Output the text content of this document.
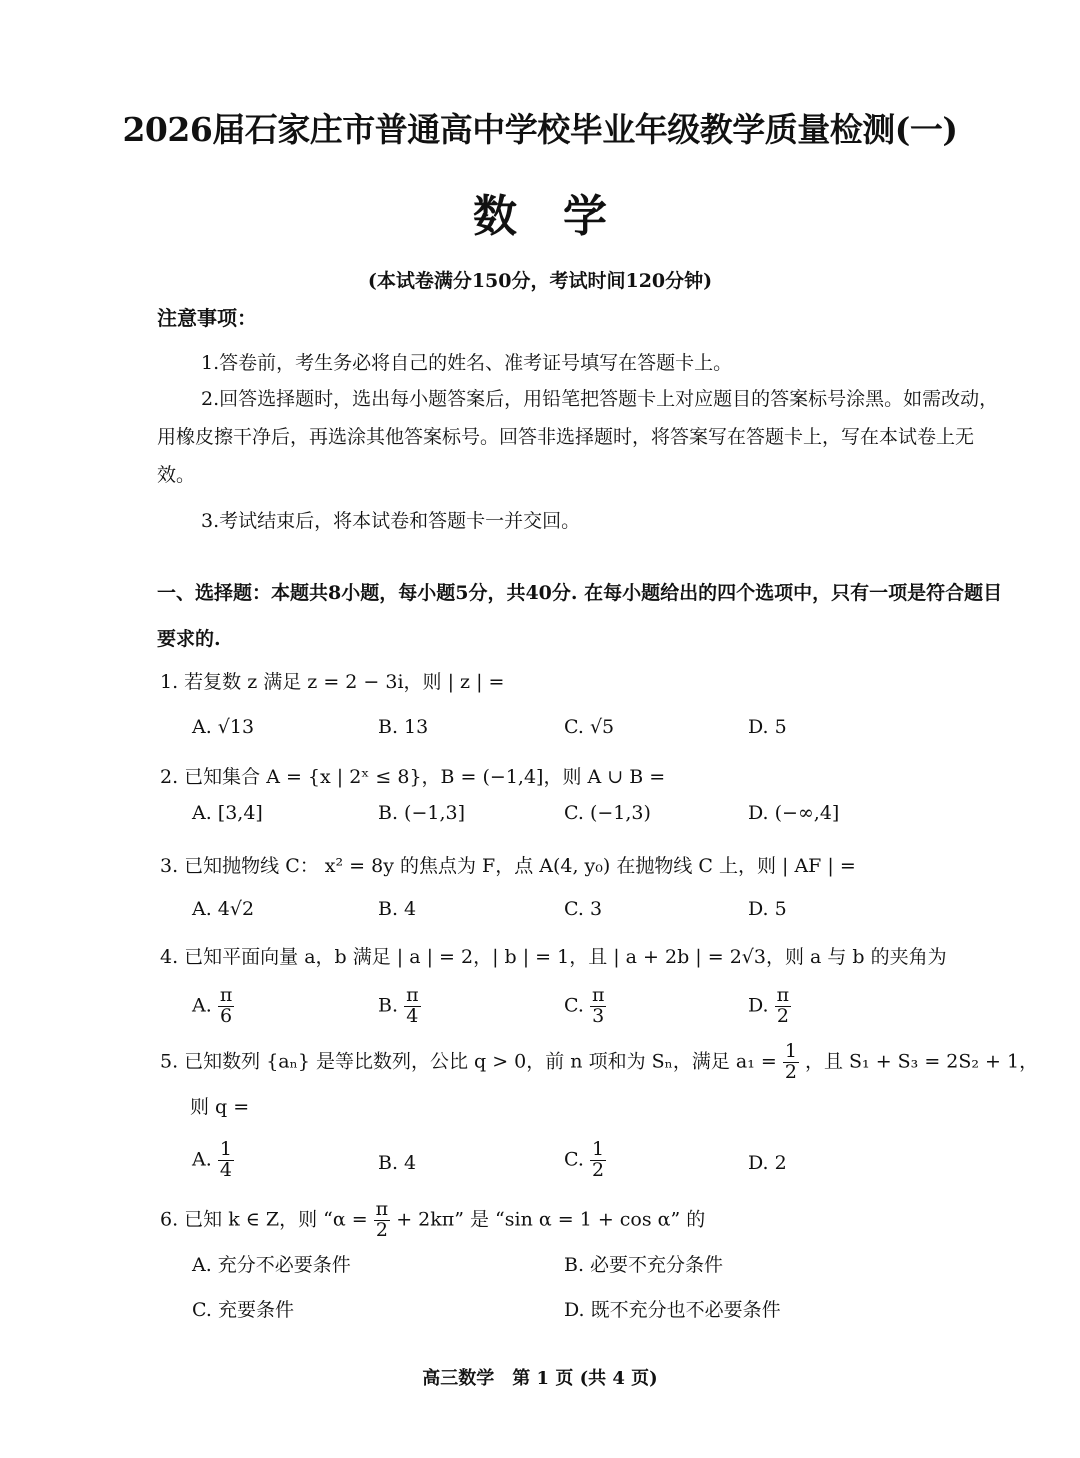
2026届石家庄市普通高中学校毕业年级教学质量检测(一)
数学
(本试卷满分150分，考试时间120分钟)
注意事项：
1.答卷前，考生务必将自己的姓名、准考证号填写在答题卡上。
2.回答选择题时，选出每小题答案后，用铅笔把答题卡上对应题目的答案标号涂黑。如需改动，用橡皮擦干净后，再选涂其他答案标号。回答非选择题时，将答案写在答题卡上，写在本试卷上无效。
3.考试结束后，将本试卷和答题卡一并交回。
一、选择题：本题共8小题，每小题5分，共40分. 在每小题给出的四个选项中，只有一项是符合题目要求的.
1. 若复数 z 满足 z = 2 − 3i，则 | z | =
A. √13	B. 13	C. √5	D. 5
2. 已知集合 A = {x | 2ˣ ≤ 8}，B = (−1,4]，则 A ∪ B =
A. [3,4]	B. (−1,3]	C. (−1,3)	D. (−∞,4]
3. 已知抛物线 C： x² = 8y 的焦点为 F，点 A(4, y₀) 在抛物线 C 上，则 | AF | =
A. 4√2	B. 4	C. 3	D. 5
4. 已知平面向量 a，b 满足 | a | = 2，| b | = 1，且 | a + 2b | = 2√3，则 a 与 b 的夹角为
A. $\frac{\pi}{6}$	B. $\frac{\pi}{4}$	C. $\frac{\pi}{3}$	D. $\frac{\pi}{2}$
5. 已知数列 {aₙ} 是等比数列，公比 q > 0，前 n 项和为 Sₙ，满足 $a_1 = \frac{1}{2}$ ，且 S₁ + S₃ = 2S₂ + 1，
则 q =
A. $\frac{1}{4}$	B. 4	C. $\frac{1}{2}$	D. 2
6. 已知 k ∈ Z，则 “$\alpha = \frac{\pi}{2} + 2k\pi$” 是 “sin α = 1 + cos α” 的
A. 充分不必要条件	B. 必要不充分条件
C. 充要条件	D. 既不充分也不必要条件
高三数学　第 1 页 (共 4 页)
